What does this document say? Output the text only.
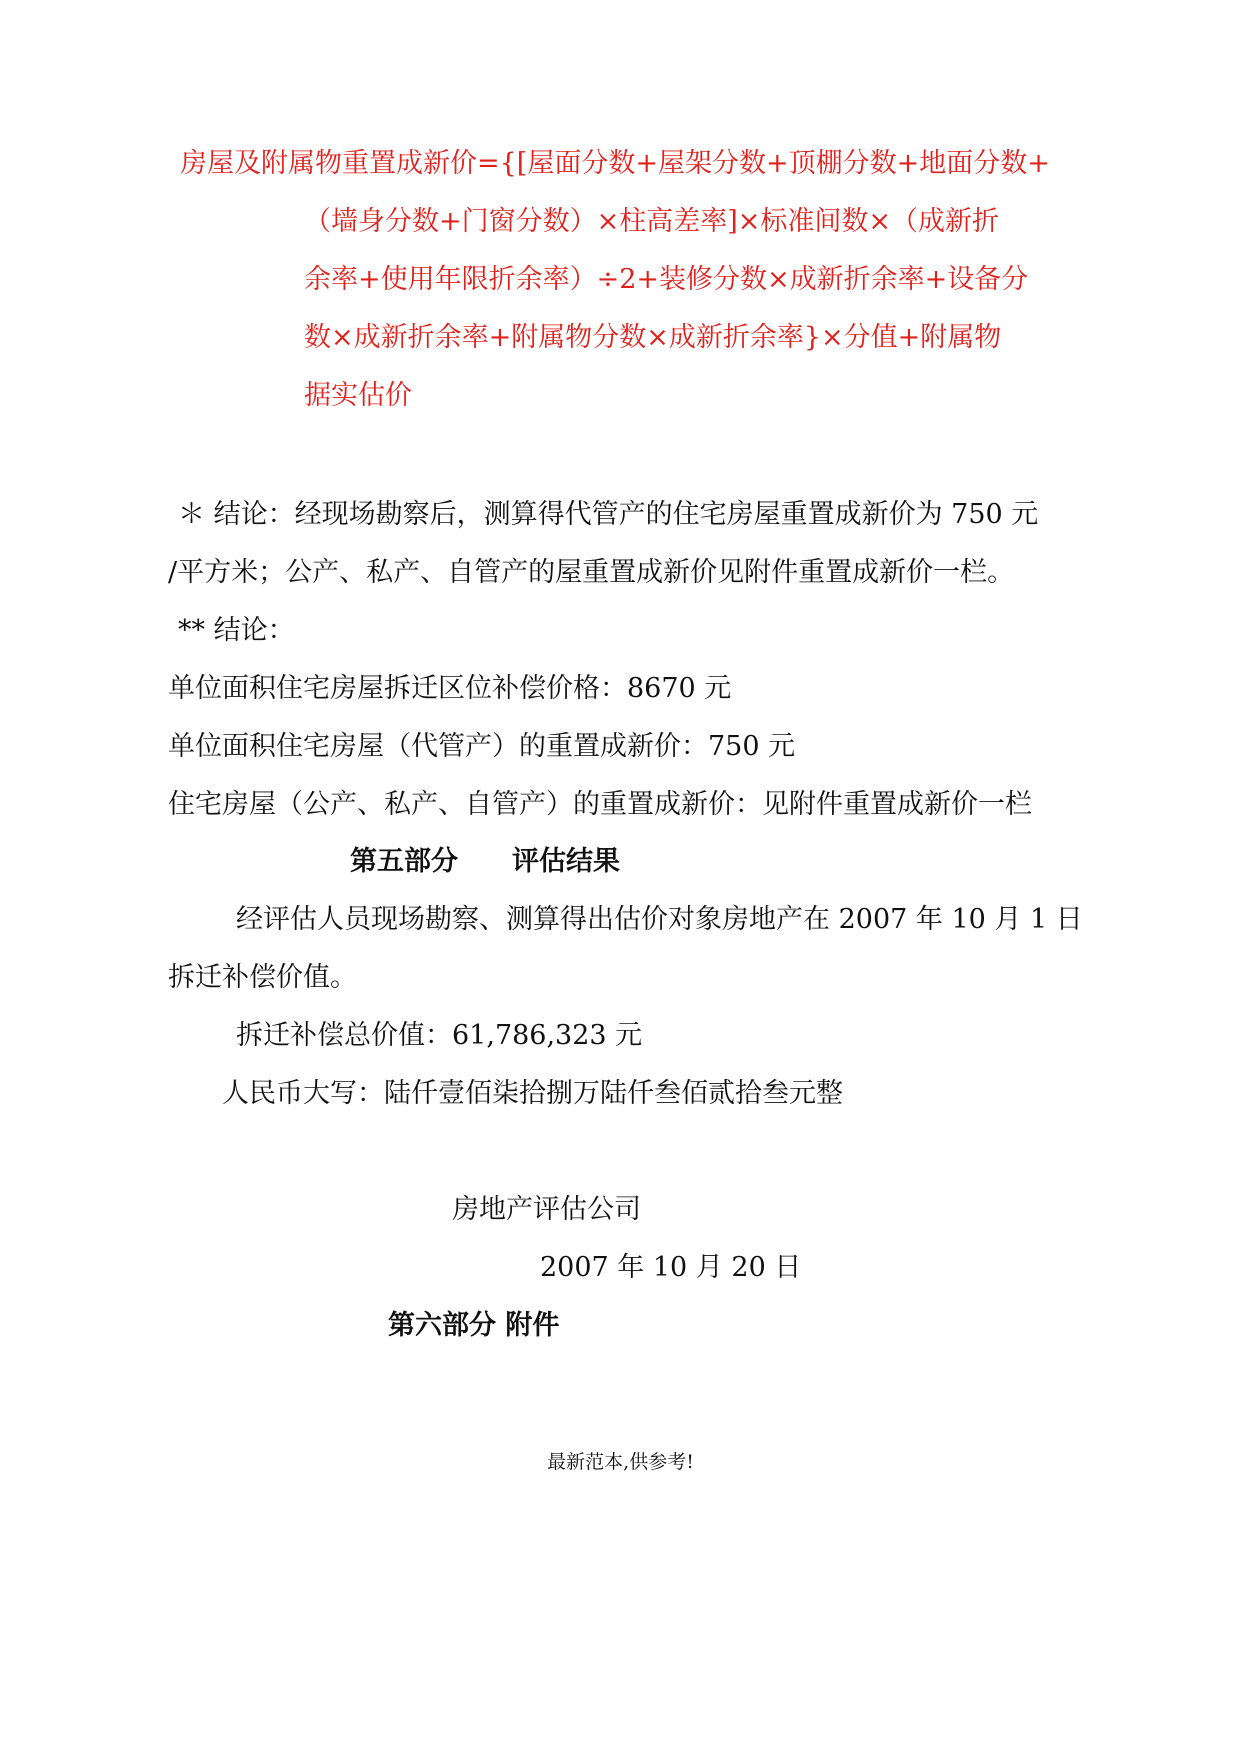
房屋及附属物重置成新价={[屋面分数+屋架分数+顶棚分数+地面分数+
（墙身分数+门窗分数）×柱高差率]×标准间数×（成新折
余率+使用年限折余率）÷2+装修分数×成新折余率+设备分
数×成新折余率+附属物分数×成新折余率}×分值+附属物
据实估价
＊ 结论：经现场勘察后，测算得代管产的住宅房屋重置成新价为 750 元
/平方米；公产、私产、自管产的屋重置成新价见附件重置成新价一栏。
** 结论：
单位面积住宅房屋拆迁区位补偿价格：8670 元
单位面积住宅房屋（代管产）的重置成新价：750 元
住宅房屋（公产、私产、自管产）的重置成新价：见附件重置成新价一栏
第五部分　　评估结果
经评估人员现场勘察、测算得出估价对象房地产在 2007 年 10 月 1 日
拆迁补偿价值。
拆迁补偿总价值：61,786,323 元
人民币大写：陆仟壹佰柒拾捌万陆仟叁佰贰拾叁元整
房地产评估公司
2007 年 10 月 20 日
第六部分 附件
最新范本,供参考!
